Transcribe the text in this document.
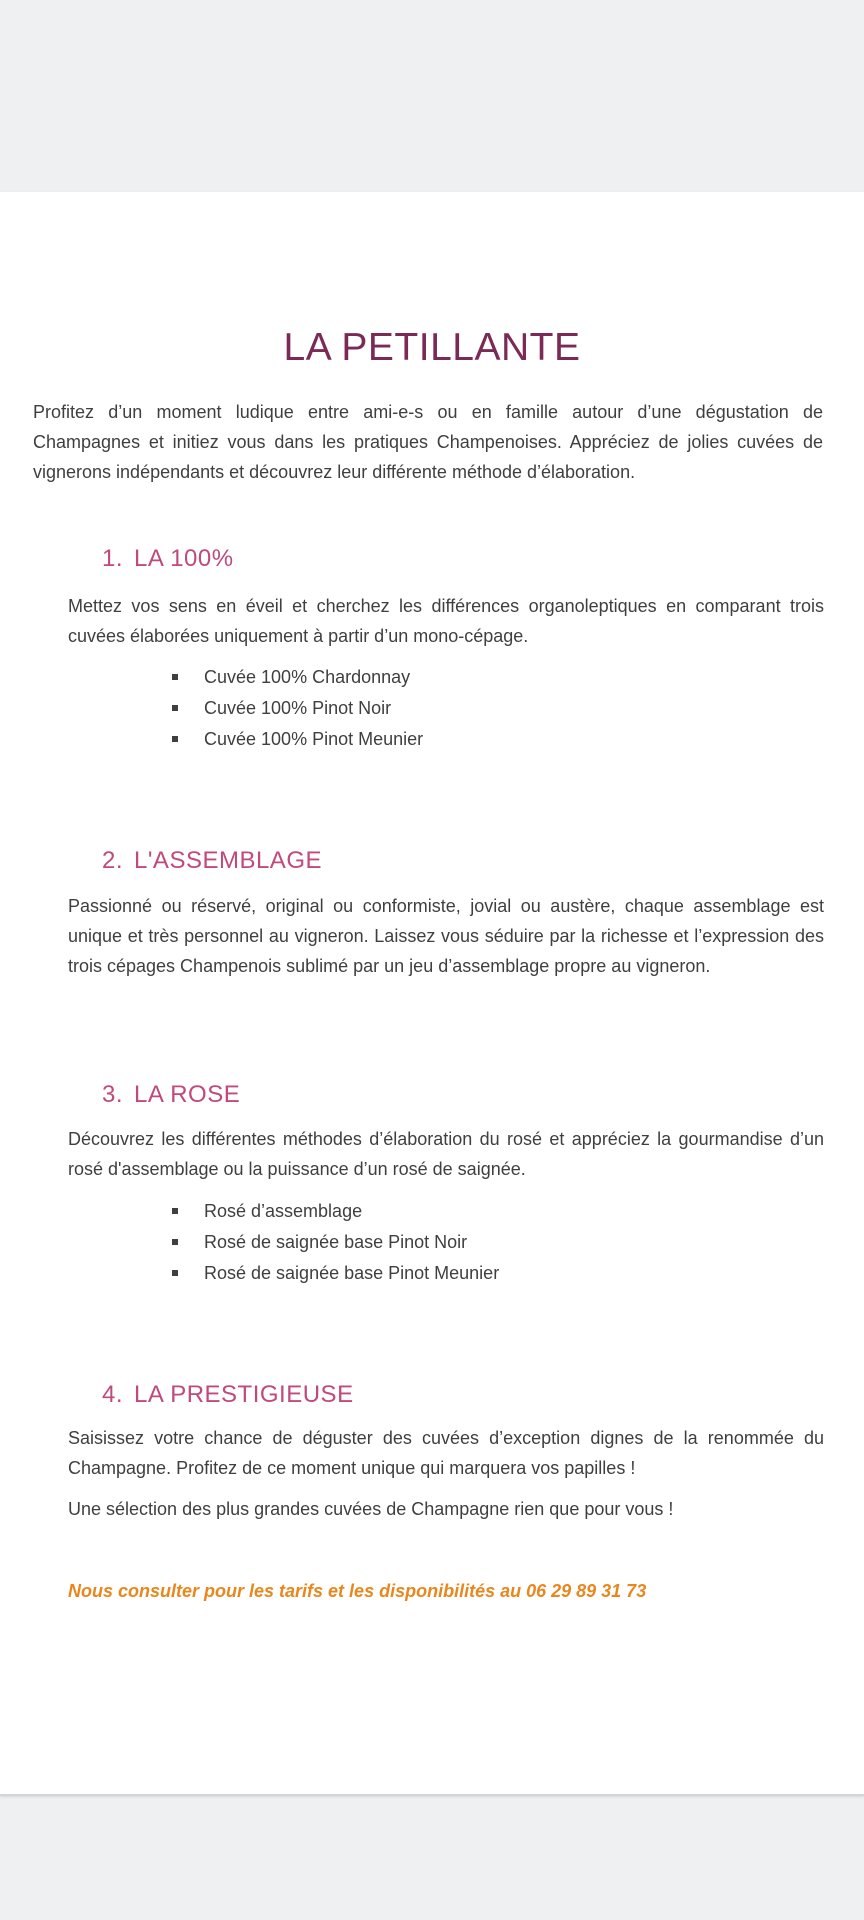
LA PETILLANTE

Profitez d’un moment ludique entre ami-e-s ou en famille autour d’une dégustation de Champagnes et initiez vous dans les pratiques Champenoises. Appréciez de jolies cuvées de vignerons indépendants et découvrez leur différente méthode d’élaboration.

1. LA 100%

Mettez vos sens en éveil et cherchez les différences organoleptiques en comparant trois cuvées élaborées uniquement à partir d’un mono-cépage.

Cuvée 100% Chardonnay
Cuvée 100% Pinot Noir
Cuvée 100% Pinot Meunier
2. L'ASSEMBLAGE

Passionné ou réservé, original ou conformiste, jovial ou austère, chaque assemblage est unique et très personnel au vigneron. Laissez vous séduire par la richesse et l’expression des trois cépages Champenois sublimé par un jeu d’assemblage propre au vigneron.

3. LA ROSE

Découvrez les différentes méthodes d’élaboration du rosé et appréciez la gourmandise d’un rosé d'assemblage ou la puissance d’un rosé de saignée.

Rosé d’assemblage
Rosé de saignée base Pinot Noir
Rosé de saignée base Pinot Meunier
4. LA PRESTIGIEUSE

Saisissez votre chance de déguster des cuvées d’exception dignes de la renommée du Champagne. Profitez de ce moment unique qui marquera vos papilles !

Une sélection des plus grandes cuvées de Champagne rien que pour vous !

Nous consulter pour les tarifs et les disponibilités au 06 29 89 31 73
